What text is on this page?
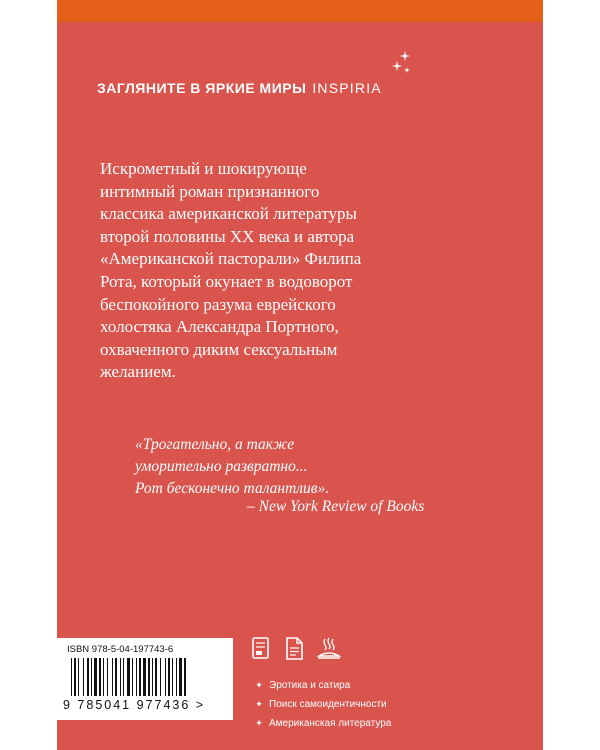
ЗАГЛЯНИТЕ В ЯРКИЕ МИРЫ INSPIRIA
Искрометный и шокирующе
интимный роман признанного
классика американской литературы
второй половины XX века и автора
«Американской пасторали» Филипа
Рота, который окунает в водоворот
беспокойного разума еврейского
холостяка Александра Портного,
охваченного диким сексуальным
желанием.
«Трогательно, а также
уморительно развратно...
Рот бесконечно талантлив».
– New York Review of Books
ISBN 978-5-04-197743-6
9 785041 977436 >
✦ Эротика и сатира
✦ Поиск самоидентичности
✦ Американская литература
